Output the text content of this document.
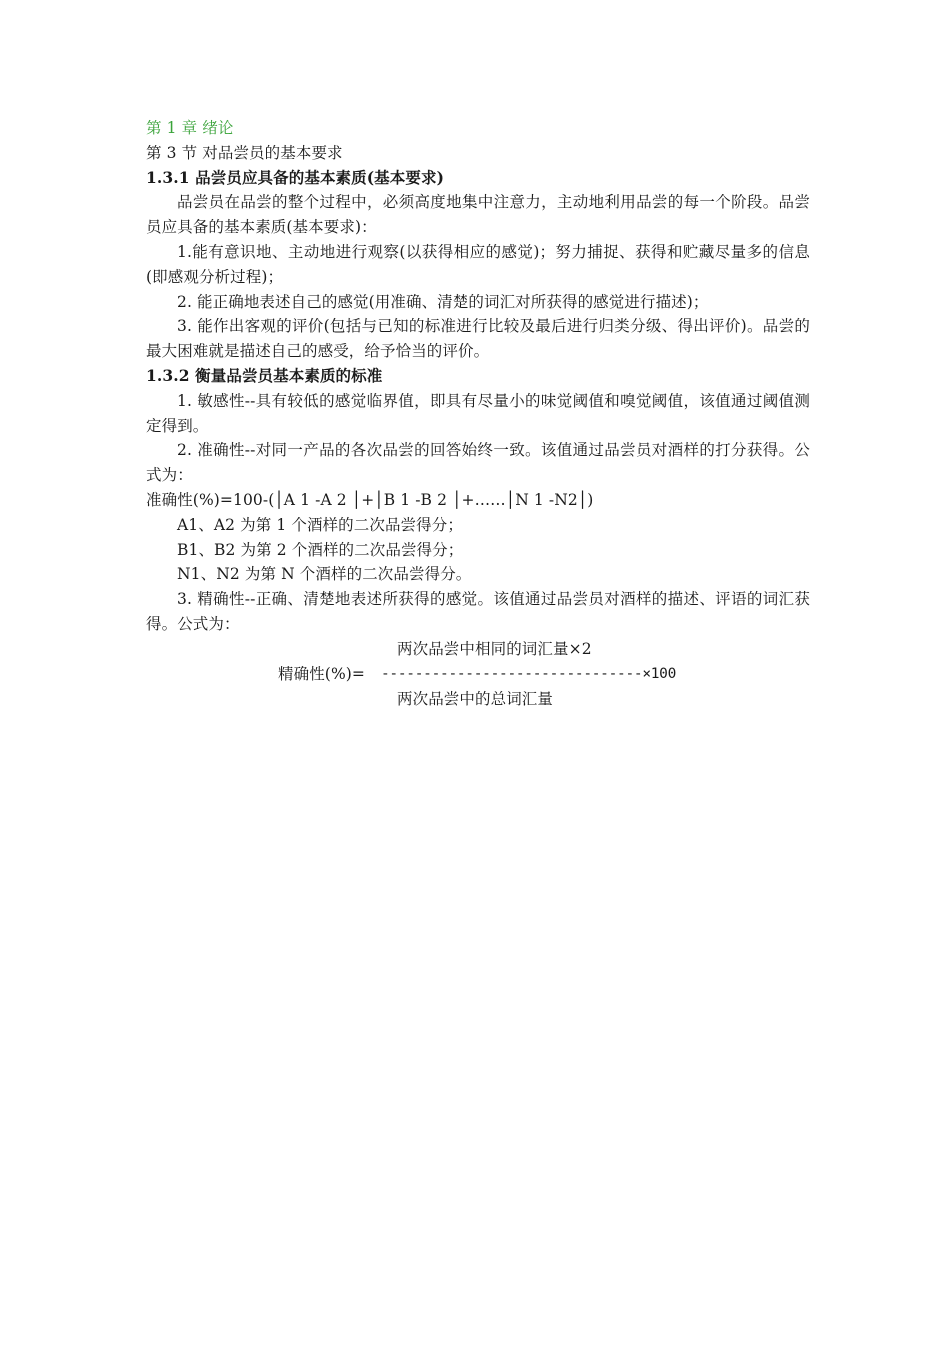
第 1 章 绪论

第 3 节 对品尝员的基本要求

1.3.1 品尝员应具备的基本素质(基本要求)

品尝员在品尝的整个过程中，必须高度地集中注意力，主动地利用品尝的每一个阶段。品尝员应具备的基本素质(基本要求)：

1.能有意识地、主动地进行观察(以获得相应的感觉)；努力捕捉、获得和贮藏尽量多的信息(即感观分析过程)；

2. 能正确地表述自己的感觉(用准确、清楚的词汇对所获得的感觉进行描述)；

3. 能作出客观的评价(包括与已知的标准进行比较及最后进行归类分级、得出评价)。品尝的最大困难就是描述自己的感受，给予恰当的评价。

1.3.2 衡量品尝员基本素质的标准

1. 敏感性--具有较低的感觉临界值，即具有尽量小的味觉阈值和嗅觉阈值，该值通过阈值测定得到。

2. 准确性--对同一产品的各次品尝的回答始终一致。该值通过品尝员对酒样的打分获得。公式为：

准确性(%)=100-(│A 1 -A 2 │+│B 1 -B 2 │+……│N 1 -N2│)

A1、A2 为第 1 个酒样的二次品尝得分；

B1、B2 为第 2 个酒样的二次品尝得分；

N1、N2 为第 N 个酒样的二次品尝得分。

3. 精确性--正确、清楚地表述所获得的感觉。该值通过品尝员对酒样的描述、评语的词汇获得。公式为：

两次品尝中相同的词汇量×2
精确性(%)= -------------------------------×100
两次品尝中的总词汇量
